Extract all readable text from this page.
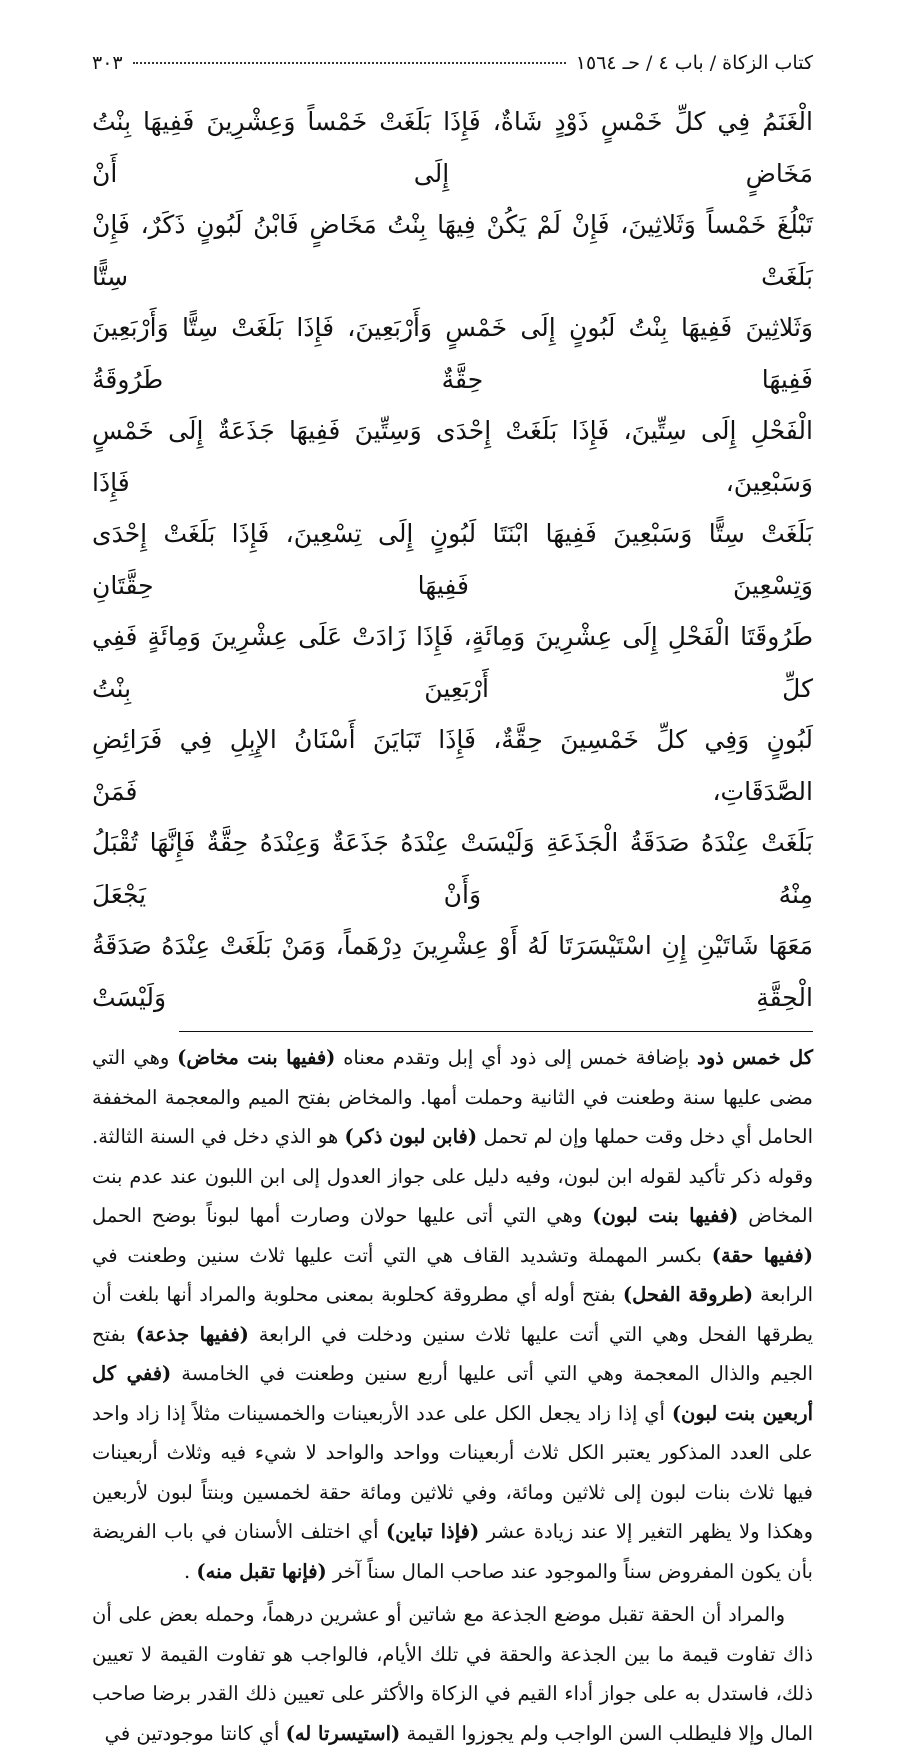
كتاب الزكاة / باب ٤ / حـ ١٥٦٤
٣٠٣
الْغَنَمُ فِي كلِّ خَمْسٍ ذَوْدٍ شَاةٌ، فَإِذَا بَلَغَتْ خَمْساً وَعِشْرِينَ فَفِيهَا بِنْتُ مَخَاضٍ إِلَى أَنْ
تَبْلُغَ خَمْساً وَثَلاثِينَ، فَإِنْ لَمْ يَكُنْ فِيهَا بِنْتُ مَخَاضٍ فَابْنُ لَبُونٍ ذَكَرٌ، فَإِنْ بَلَغَتْ سِتًّا
وَثَلاثِينَ فَفِيهَا بِنْتُ لَبُونٍ إِلَى خَمْسٍ وَأَرْبَعِينَ، فَإِذَا بَلَغَتْ سِتًّا وَأَرْبَعِينَ فَفِيهَا حِقَّةٌ طَرُوقَةُ
الْفَحْلِ إِلَى سِتِّينَ، فَإِذَا بَلَغَتْ إِحْدَى وَسِتِّينَ فَفِيهَا جَذَعَةٌ إِلَى خَمْسٍ وَسَبْعِينَ، فَإِذَا
بَلَغَتْ سِتًّا وَسَبْعِينَ فَفِيهَا ابْنَتَا لَبُونٍ إِلَى تِسْعِينَ، فَإِذَا بَلَغَتْ إِحْدَى وَتِسْعِينَ فَفِيهَا حِقَّتَانِ
طَرُوقَتَا الْفَحْلِ إِلَى عِشْرِينَ وَمِائَةٍ، فَإِذَا زَادَتْ عَلَى عِشْرِينَ وَمِائَةٍ فَفِي كلِّ أَرْبَعِينَ بِنْتُ
لَبُونٍ وَفِي كلِّ خَمْسِينَ حِقَّةٌ، فَإِذَا تَبَايَنَ أَسْنَانُ الإِبِلِ فِي فَرَائِضِ الصَّدَقَاتِ، فَمَنْ
بَلَغَتْ عِنْدَهُ صَدَقَةُ الْجَذَعَةِ وَلَيْسَتْ عِنْدَهُ جَذَعَةٌ وَعِنْدَهُ حِقَّةٌ فَإِنَّهَا تُقْبَلُ مِنْهُ وَأَنْ يَجْعَلَ
مَعَهَا شَاتَيْنِ إِنِ اسْتَيْسَرَتَا لَهُ أَوْ عِشْرِينَ دِرْهَماً، وَمَنْ بَلَغَتْ عِنْدَهُ صَدَقَةُ الْحِقَّةِ وَلَيْسَتْ

كل خمس ذود بإضافة خمس إلى ذود أي إبل وتقدم معناه (ففيها بنت مخاض) وهي التي مضى عليها سنة وطعنت في الثانية وحملت أمها. والمخاض بفتح الميم والمعجمة المخففة الحامل أي دخل وقت حملها وإن لم تحمل (فابن لبون ذكر) هو الذي دخل في السنة الثالثة. وقوله ذكر تأكيد لقوله ابن لبون، وفيه دليل على جواز العدول إلى ابن اللبون عند عدم بنت المخاض (ففيها بنت لبون) وهي التي أتى عليها حولان وصارت أمها لبوناً بوضح الحمل (ففيها حقة) بكسر المهملة وتشديد القاف هي التي أتت عليها ثلاث سنين وطعنت في الرابعة (طروقة الفحل) بفتح أوله أي مطروقة كحلوبة بمعنى محلوبة والمراد أنها بلغت أن يطرقها الفحل وهي التي أتت عليها ثلاث سنين ودخلت في الرابعة (ففيها جذعة) بفتح الجيم والذال المعجمة وهي التي أتى عليها أربع سنين وطعنت في الخامسة (ففي كل أربعين بنت لبون) أي إذا زاد يجعل الكل على عدد الأربعينات والخمسينات مثلاً إذا زاد واحد على العدد المذكور يعتبر الكل ثلاث أربعينات وواحد والواحد لا شيء فيه وثلاث أربعينات فيها ثلاث بنات لبون إلى ثلاثين ومائة، وفي ثلاثين ومائة حقة لخمسين وبنتاً لبون لأربعين وهكذا ولا يظهر التغير إلا عند زيادة عشر (فإذا تباين) أي اختلف الأسنان في باب الفريضة بأن يكون المفروض سناً والموجود عند صاحب المال سناً آخر (فإنها تقبل منه) .

والمراد أن الحقة تقبل موضع الجذعة مع شاتين أو عشرين درهماً، وحمله بعض على أن ذاك تفاوت قيمة ما بين الجذعة والحقة في تلك الأيام، فالواجب هو تفاوت القيمة لا تعيين ذلك، فاستدل به على جواز أداء القيم في الزكاة والأكثر على تعيين ذلك القدر برضا صاحب المال وإلا فليطلب السن الواجب ولم يجوزوا القيمة (استيسرتا له) أي كانتا موجودتين في
